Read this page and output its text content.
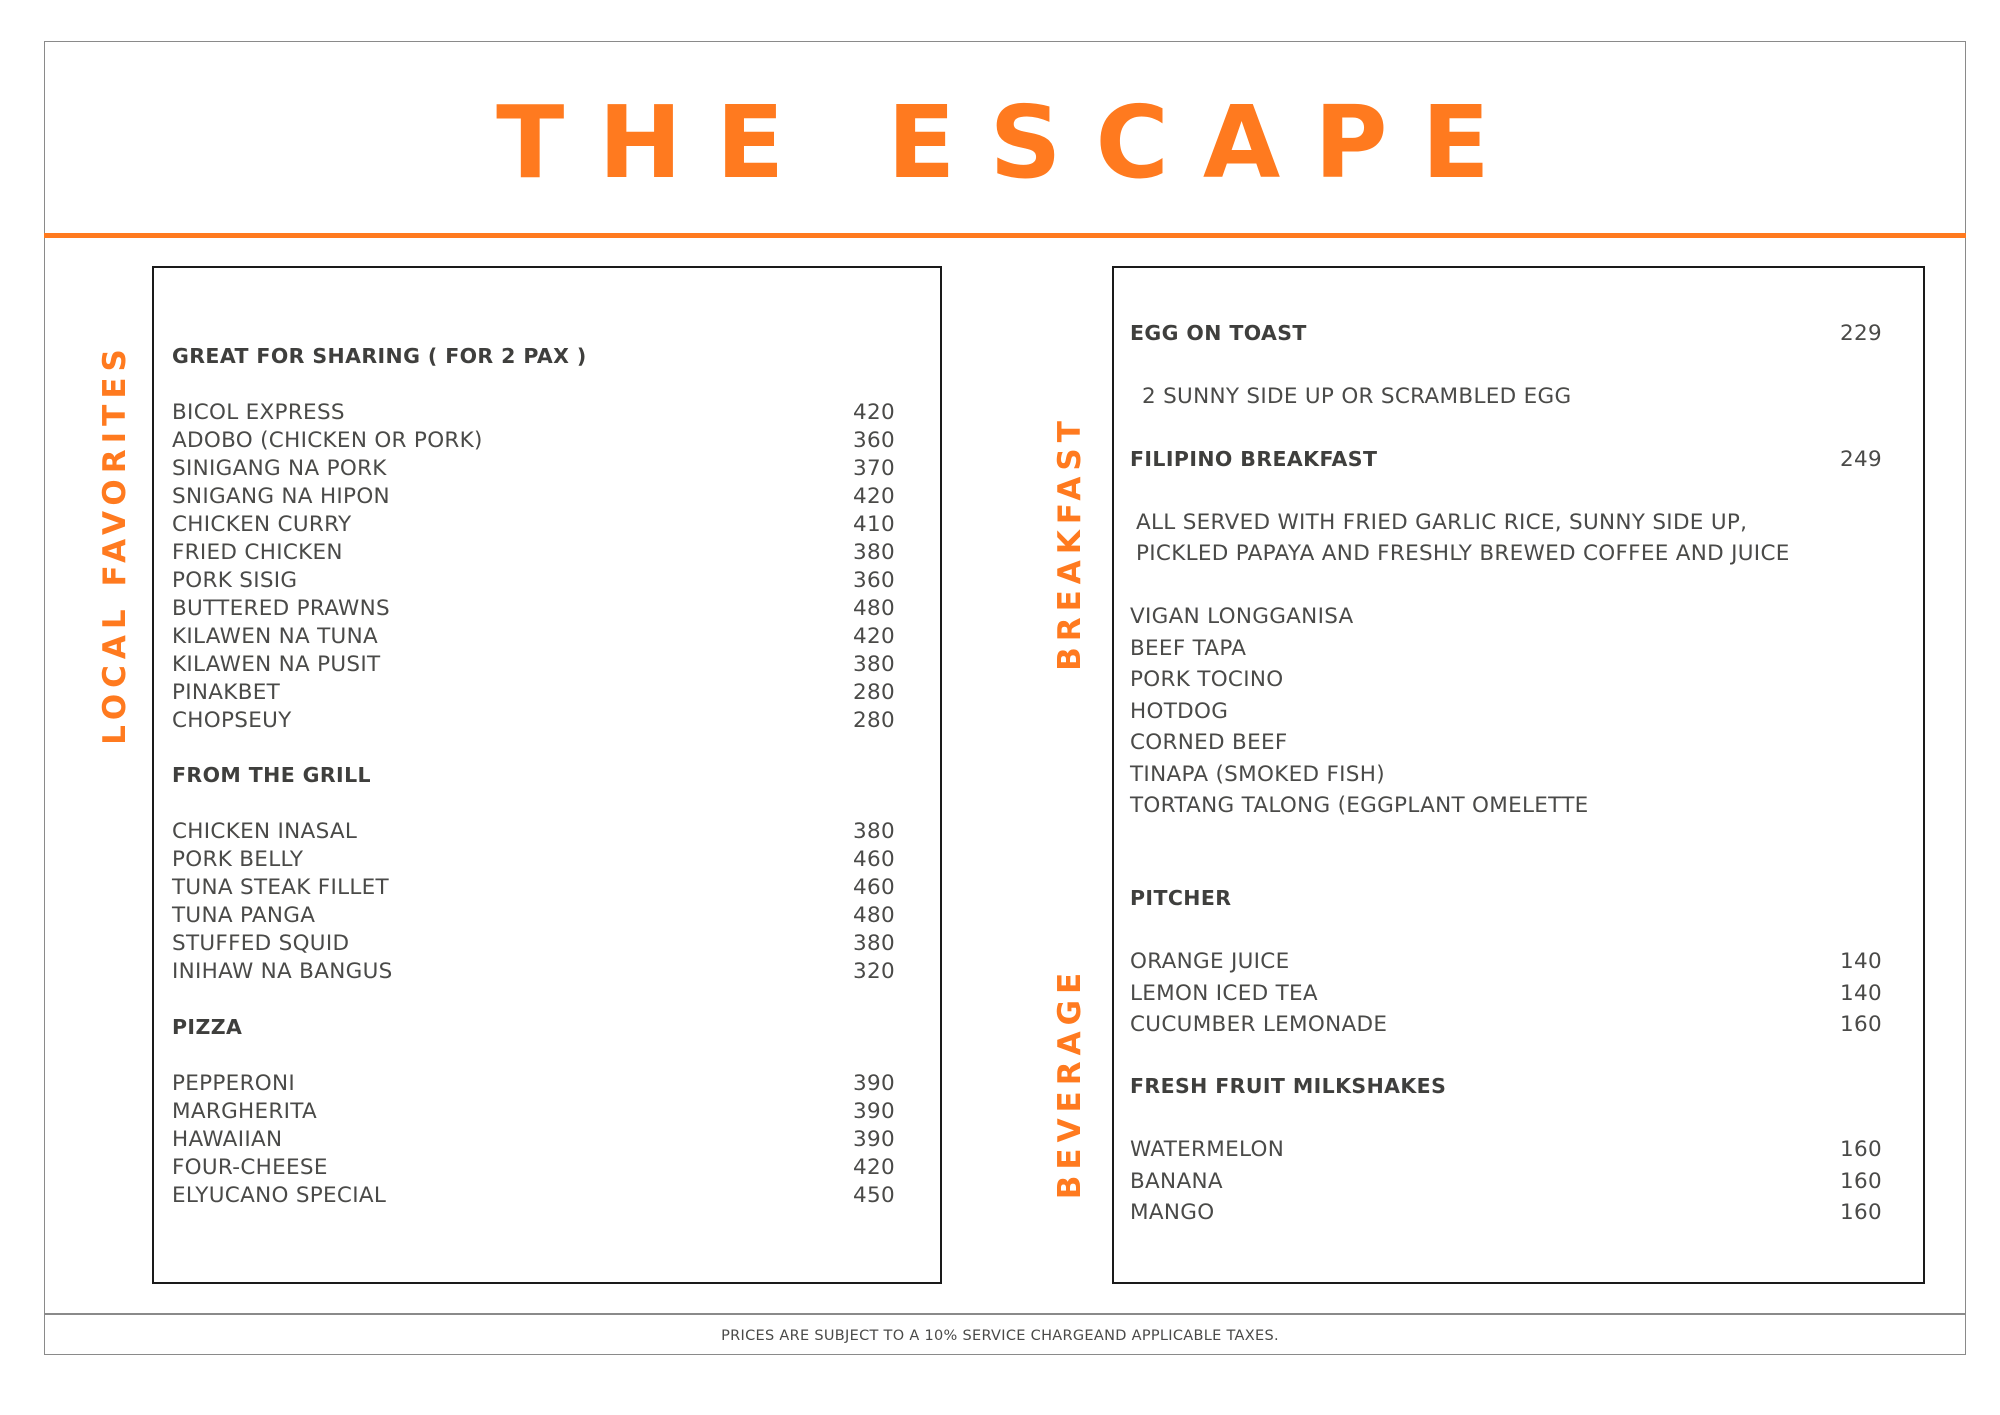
THE ESCAPE
LOCAL FAVORITES	BREAKFAST
BEVERAGE
GREAT FOR SHARING ( FOR 2 PAX )
BICOL EXPRESS	420
ADOBO (CHICKEN OR PORK)	360
SINIGANG NA PORK	370
SNIGANG NA HIPON	420
CHICKEN CURRY	410
FRIED CHICKEN	380
PORK SISIG	360
BUTTERED PRAWNS	480
KILAWEN NA TUNA	420
KILAWEN NA PUSIT	380
PINAKBET	280
CHOPSEUY	280
FROM THE GRILL
CHICKEN INASAL	380
PORK BELLY	460
TUNA STEAK FILLET	460
TUNA PANGA	480
STUFFED SQUID	380
INIHAW NA BANGUS	320
PIZZA
PEPPERONI	390
MARGHERITA	390
HAWAIIAN	390
FOUR-CHEESE	420
ELYUCANO SPECIAL	450
EGG ON TOAST	229
2 SUNNY SIDE UP OR SCRAMBLED EGG
FILIPINO BREAKFAST	249
ALL SERVED WITH FRIED GARLIC RICE, SUNNY SIDE UP,
PICKLED PAPAYA AND FRESHLY BREWED COFFEE AND JUICE
VIGAN LONGGANISA
BEEF TAPA
PORK TOCINO
HOTDOG
CORNED BEEF
TINAPA (SMOKED FISH)
TORTANG TALONG (EGGPLANT OMELETTE
PITCHER
ORANGE JUICE	140
LEMON ICED TEA	140
CUCUMBER LEMONADE	160
FRESH FRUIT MILKSHAKES
WATERMELON	160
BANANA	160
MANGO	160
PRICES ARE SUBJECT TO A 10% SERVICE CHARGEAND APPLICABLE TAXES.
